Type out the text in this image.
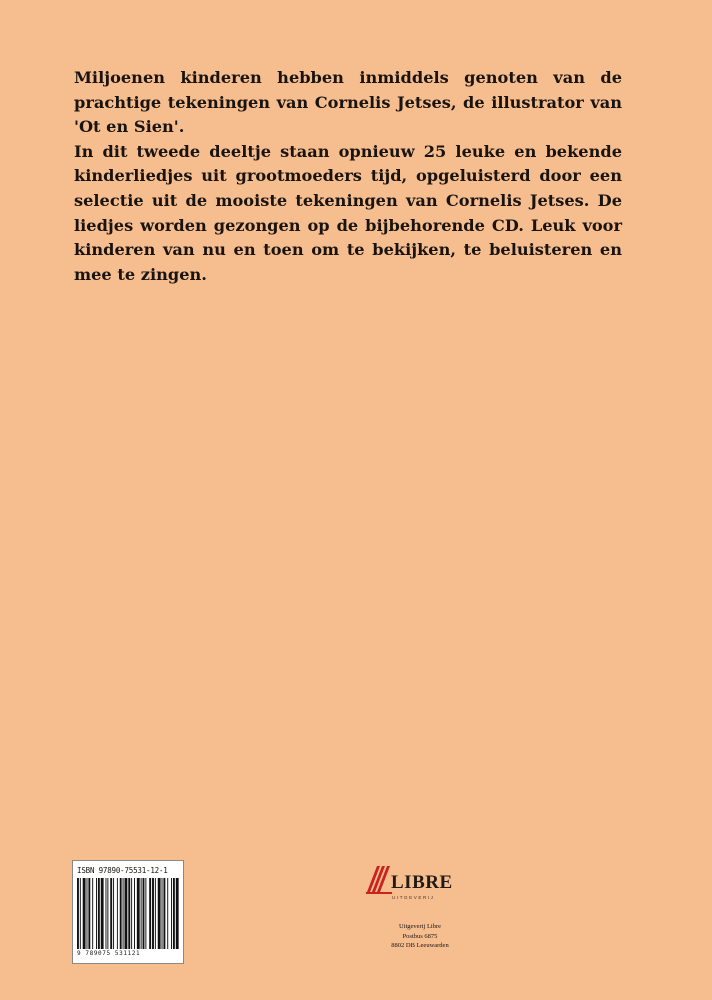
Miljoenen kinderen hebben inmiddels genoten van de prachtige tekeningen van Cornelis Jetses, de illustrator van 'Ot en Sien'.

In dit tweede deeltje staan opnieuw 25 leuke en bekende kinderliedjes uit grootmoeders tijd, opgeluisterd door een selectie uit de mooiste tekeningen van Cornelis Jetses. De liedjes worden gezongen op de bijbehorende CD. Leuk voor kinderen van nu en toen om te bekijken, te beluisteren en mee te zingen.

ISBN 97890-75531-12-1
9 789075 531121
LIBRE
UITGEVERIJ
Uitgeverij Libre
Postbus 6875
8802 DB Leeuwarden
